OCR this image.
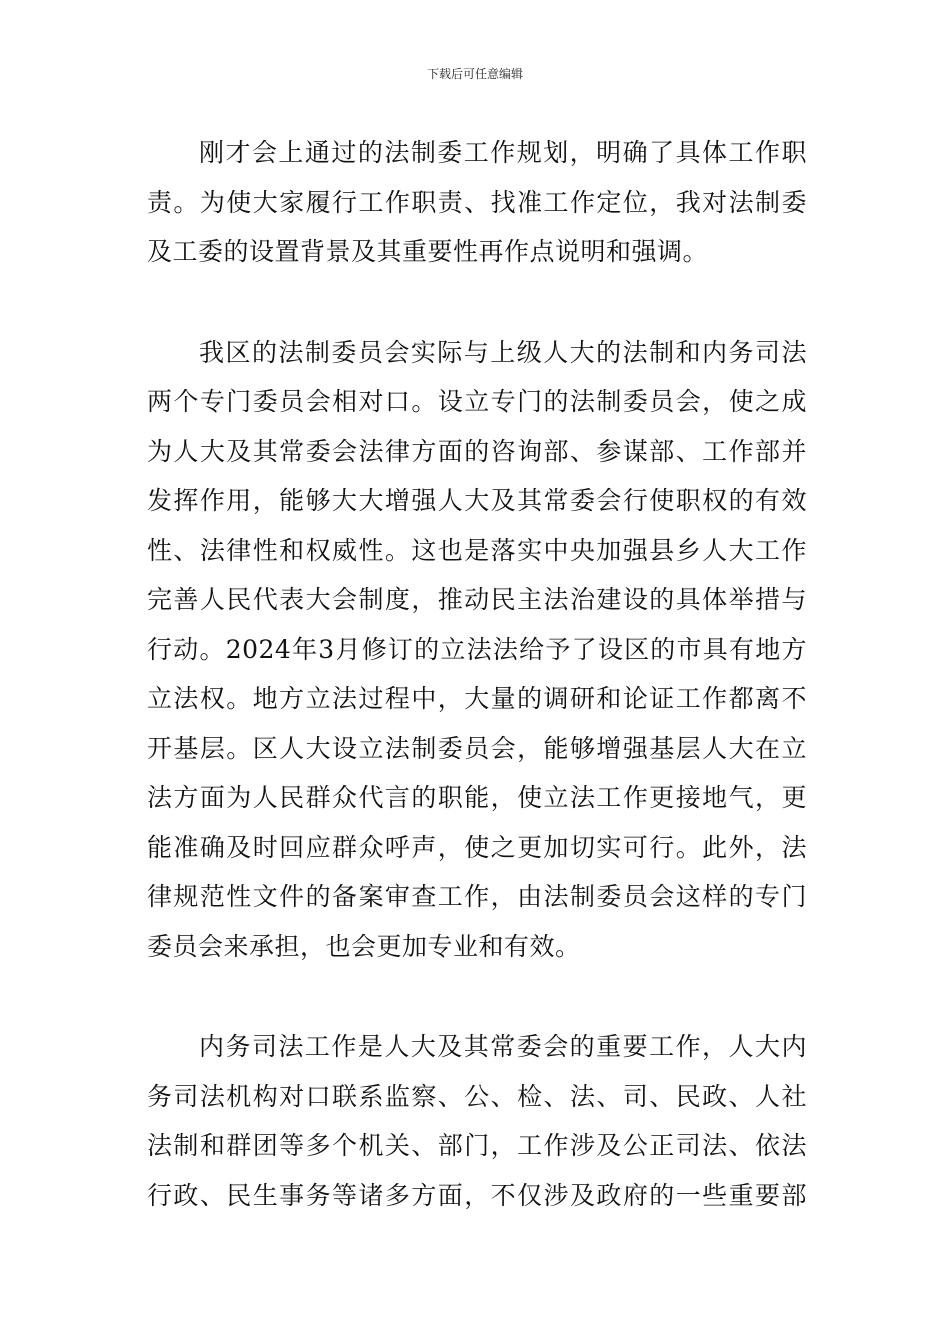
下载后可任意编辑
刚才会上通过的法制委工作规划，明确了具体工作职
责。为使大家履行工作职责、找准工作定位，我对法制委
及工委的设置背景及其重要性再作点说明和强调。
我区的法制委员会实际与上级人大的法制和内务司法
两个专门委员会相对口。设立专门的法制委员会，使之成
为人大及其常委会法律方面的咨询部、参谋部、工作部并
发挥作用，能够大大增强人大及其常委会行使职权的有效
性、法律性和权威性。这也是落实中央加强县乡人大工作
完善人民代表大会制度，推动民主法治建设的具体举措与
行动。2024年3月修订的立法法给予了设区的市具有地方
立法权。地方立法过程中，大量的调研和论证工作都离不
开基层。区人大设立法制委员会，能够增强基层人大在立
法方面为人民群众代言的职能，使立法工作更接地气，更
能准确及时回应群众呼声，使之更加切实可行。此外，法
律规范性文件的备案审查工作，由法制委员会这样的专门
委员会来承担，也会更加专业和有效。
内务司法工作是人大及其常委会的重要工作，人大内
务司法机构对口联系监察、公、检、法、司、民政、人社
法制和群团等多个机关、部门，工作涉及公正司法、依法
行政、民生事务等诸多方面，不仅涉及政府的一些重要部
